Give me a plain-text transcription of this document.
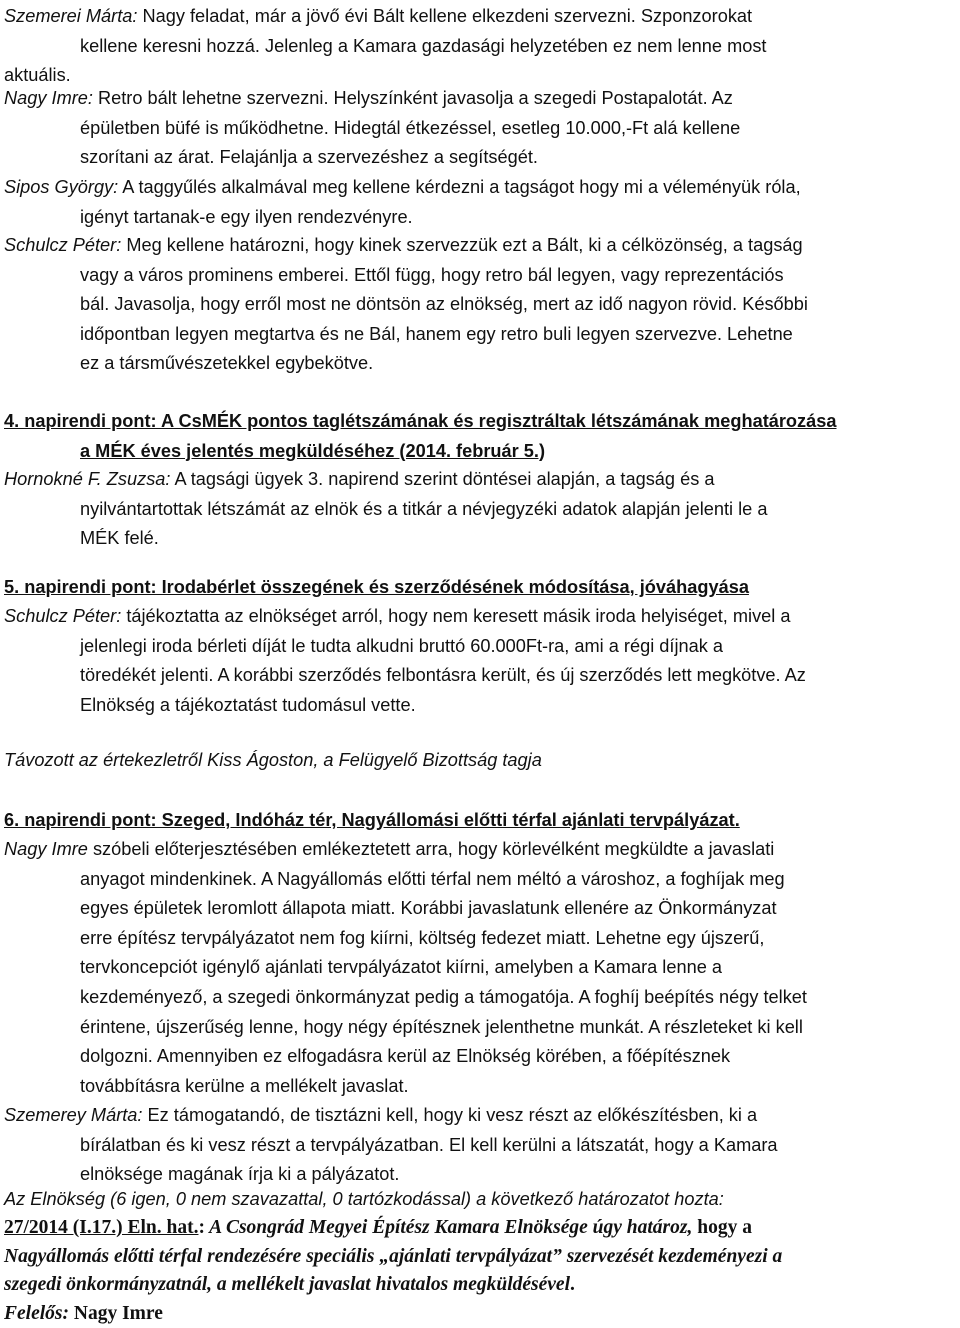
Szemerei Márta: Nagy feladat, már a jövő évi Bált kellene elkezdeni szervezni. Szponzorokat
kellene keresni hozzá. Jelenleg a Kamara gazdasági helyzetében ez nem lenne most
aktuális.
Nagy Imre: Retro bált lehetne szervezni. Helyszínként javasolja a szegedi Postapalotát. Az
épületben büfé is működhetne. Hidegtál étkezéssel, esetleg 10.000,-Ft alá kellene
szorítani az árat. Felajánlja a szervezéshez a segítségét.
Sipos György: A taggyűlés alkalmával meg kellene kérdezni a tagságot hogy mi a véleményük róla,
igényt tartanak-e egy ilyen rendezvényre.
Schulcz Péter: Meg kellene határozni, hogy kinek szervezzük ezt a Bált, ki a célközönség, a tagság
vagy a város prominens emberei. Ettől függ, hogy retro bál legyen, vagy reprezentációs
bál. Javasolja, hogy erről most ne döntsön az elnökség, mert az idő nagyon rövid. Későbbi
időpontban legyen megtartva és ne Bál, hanem egy retro buli legyen szervezve. Lehetne
ez a társművészetekkel egybekötve.
4. napirendi pont: A CsMÉK pontos taglétszámának és regisztráltak létszámának meghatározása
a MÉK éves jelentés megküldéséhez (2014. február 5.)
Hornokné F. Zsuzsa: A tagsági ügyek 3. napirend szerint döntései alapján, a tagság és a
nyilvántartottak létszámát az elnök és a titkár a névjegyzéki adatok alapján jelenti le a
MÉK felé.
5. napirendi pont: Irodabérlet összegének és szerződésének módosítása, jóváhagyása
Schulcz Péter: tájékoztatta az elnökséget arról, hogy nem keresett másik iroda helyiséget, mivel a
jelenlegi iroda bérleti díját le tudta alkudni bruttó 60.000Ft-ra, ami a régi díjnak a
töredékét jelenti. A korábbi szerződés felbontásra került, és új szerződés lett megkötve. Az
Elnökség a tájékoztatást tudomásul vette.
Távozott az értekezletről Kiss Ágoston, a Felügyelő Bizottság tagja
6. napirendi pont: Szeged, Indóház tér, Nagyállomási előtti térfal ajánlati tervpályázat.
Nagy Imre szóbeli előterjesztésében emlékeztetett arra, hogy körlevélként megküldte a javaslati
anyagot mindenkinek. A Nagyállomás előtti térfal nem méltó a városhoz, a foghíjak meg
egyes épületek leromlott állapota miatt. Korábbi javaslatunk ellenére az Önkormányzat
erre építész tervpályázatot nem fog kiírni, költség fedezet miatt. Lehetne egy újszerű,
tervkoncepciót igénylő ajánlati tervpályázatot kiírni, amelyben a Kamara lenne a
kezdeményező, a szegedi önkormányzat pedig a támogatója. A foghíj beépítés négy telket
érintene, újszerűség lenne, hogy négy építésznek jelenthetne munkát. A részleteket ki kell
dolgozni. Amennyiben ez elfogadásra kerül az Elnökség körében, a főépítésznek
továbbításra kerülne a mellékelt javaslat.
Szemerey Márta: Ez támogatandó, de tisztázni kell, hogy ki vesz részt az előkészítésben, ki a
bírálatban és ki vesz részt a tervpályázatban. El kell kerülni a látszatát, hogy a Kamara
elnöksége magának írja ki a pályázatot.
Az Elnökség (6 igen, 0 nem szavazattal, 0 tartózkodással) a következő határozatot hozta:
27/2014 (I.17.) Eln. hat.: A Csongrád Megyei Építész Kamara Elnöksége úgy határoz, hogy a
Nagyállomás előtti térfal rendezésére speciális „ajánlati tervpályázat” szervezését kezdeményezi a
szegedi önkormányzatnál, a mellékelt javaslat hivatalos megküldésével.
Felelős: Nagy Imre
